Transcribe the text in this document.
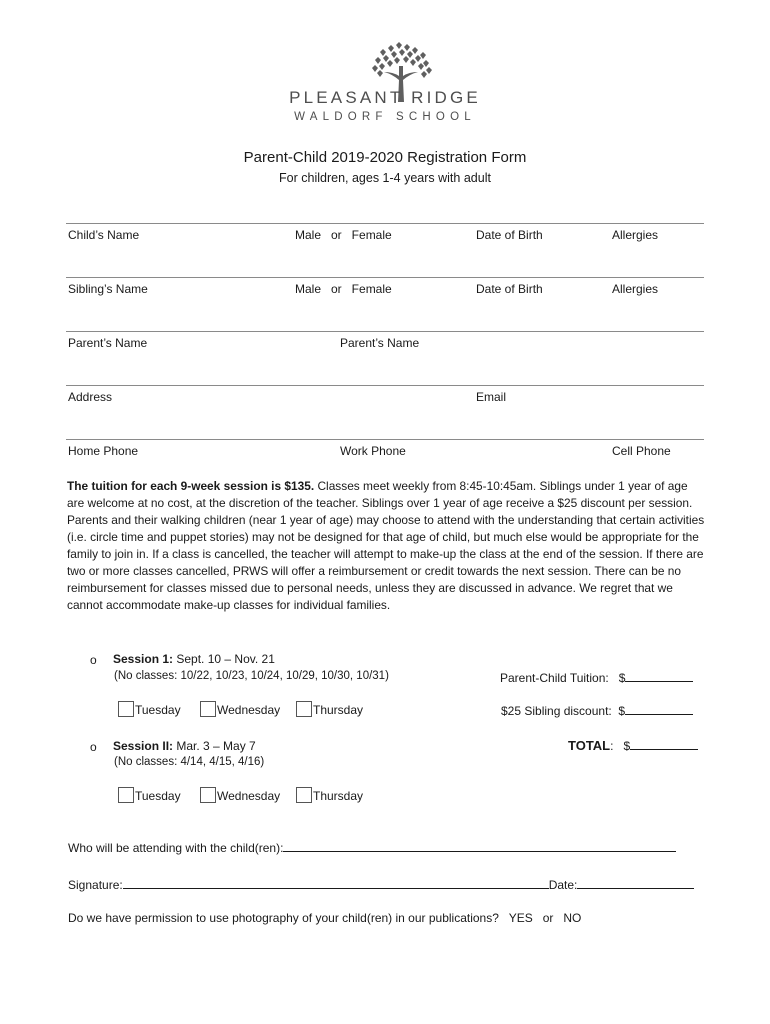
PLEASANT RIDGE
WALDORF SCHOOL
Parent-Child 2019-2020 Registration Form
For children, ages 1-4 years with adult
Child’s Name	Male   or   Female	Date of Birth	Allergies
Sibling’s Name	Male   or   Female	Date of Birth	Allergies
Parent’s Name	Parent’s Name
Address	Email
Home Phone	Work Phone	Cell Phone
The tuition for each 9-week session is $135. Classes meet weekly from 8:45-10:45am. Siblings under 1 year of age are welcome at no cost, at the discretion of the teacher. Siblings over 1 year of age receive a $25 discount per session. Parents and their walking children (near 1 year of age) may choose to attend with the understanding that certain activities (i.e. circle time and puppet stories) may not be designed for that age of child, but much else would be appropriate for the family to join in. If a class is cancelled, the teacher will attempt to make-up the class at the end of the session. If there are two or more classes cancelled, PRWS will offer a reimbursement or credit towards the next session. There can be no reimbursement for classes missed due to personal needs, unless they are discussed in advance. We regret that we cannot accommodate make-up classes for individual families.
o Session 1: Sept. 10 – Nov. 21
(No classes: 10/22, 10/23, 10/24, 10/29, 10/30, 10/31)
Tuesday	Wednesday	Thursday
Parent-Child Tuition:   $
$25 Sibling discount:  $
TOTAL:   $
o Session II: Mar. 3 – May 7
(No classes: 4/14, 4/15, 4/16)
Tuesday	Wednesday	Thursday
Who will be attending with the child(ren):
Signature:	Date:
Do we have permission to use photography of your child(ren) in our publications?   YES   or   NO
